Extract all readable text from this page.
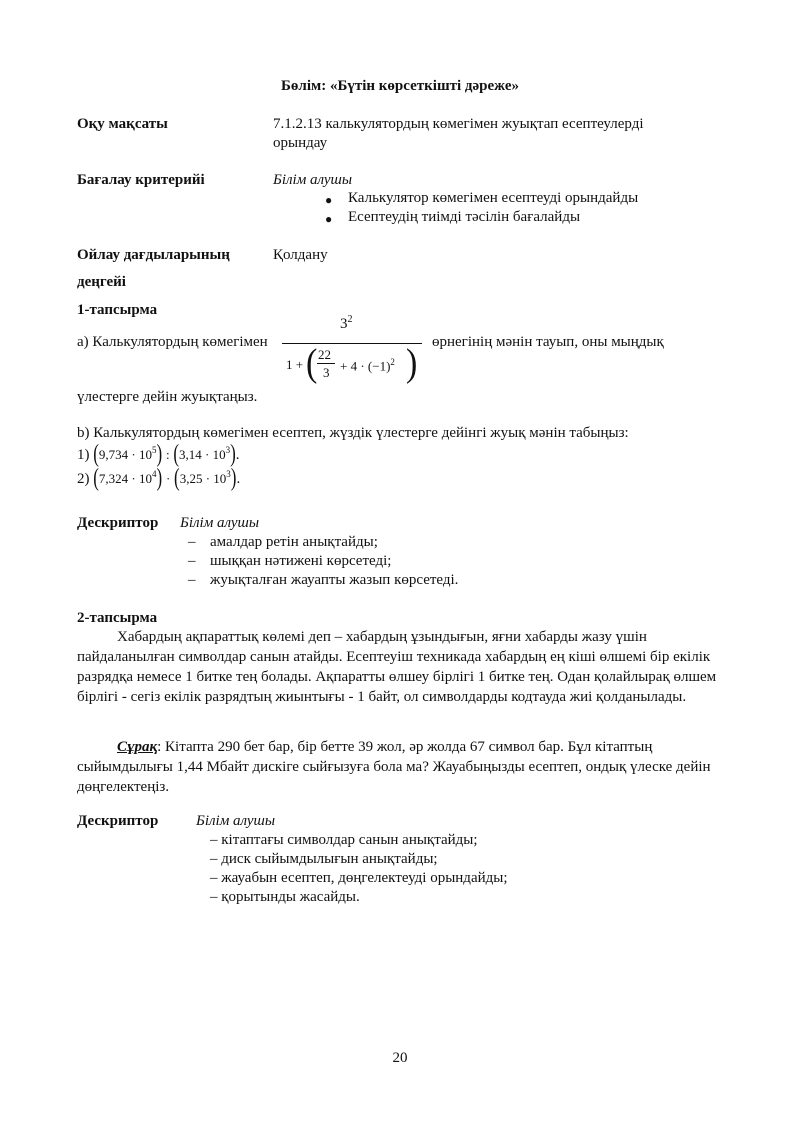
Бөлім: «Бүтін көрсеткішті дәреже»
Оқу мақсаты	7.1.2.13 калькулятордың көмегімен жуықтап есептеулерді
орындау
Бағалау критерийі	Білім алушы
● Калькулятор көмегімен есептеуді орындайды
● Есептеудің тиімді тәсілін бағалайды
Ойлау дағдыларының
деңгейі
Қолдану
1-тапсырма
a) Калькулятордың көмегімен
$3^2$
1 + ( 22
$3 + 4 \cdot (-1)^2$ )
өрнегінің мәнін тауып, оны мыңдық
үлестерге дейін жуықтаңыз.
b) Калькулятордың көмегімен есептеп, жүздік үлестерге дейінгі жуық мәнін табыңыз:
1) $(9,734 \cdot 10^5)$ : $(3,14 \cdot 10^3)$.
2) $(7,324 \cdot 10^4) \cdot (3,25 \cdot 10^3)$.
Дескриптор Білім алушы
– амалдар ретін анықтайды;
– шыққан нәтижені көрсетеді;
– жуықталған жауапты жазып көрсетеді.
2-тапсырма
Хабардың ақпараттық көлемі деп – хабардың ұзындығын, яғни хабарды жазу үшін пайдаланылған символдар санын атайды. Есептеуіш техникада хабардың ең кіші өлшемі бір екілік разрядқа немесе 1 битке тең болады. Ақпаратты өлшеу бірлігі 1 битке тең. Одан қолайлырақ өлшем бірлігі - сегіз екілік разрядтың жиынтығы - 1 байт, ол символдарды кодтауда жиі қолданылады.
Сұрақ: Кітапта 290 бет бар, бір бетте 39 жол, әр жолда 67 символ бар. Бұл кітаптың сыйымдылығы 1,44 Мбайт дискіге сыйғызуға бола ма? Жауабыңызды есептеп, ондық үлеске дейін дөңгелектеңіз.
Дескриптор	Білім алушы
– кітаптағы символдар санын анықтайды;
– диск сыйымдылығын анықтайды;
– жауабын есептеп, дөңгелектеуді орындайды;
– қорытынды жасайды.
20
